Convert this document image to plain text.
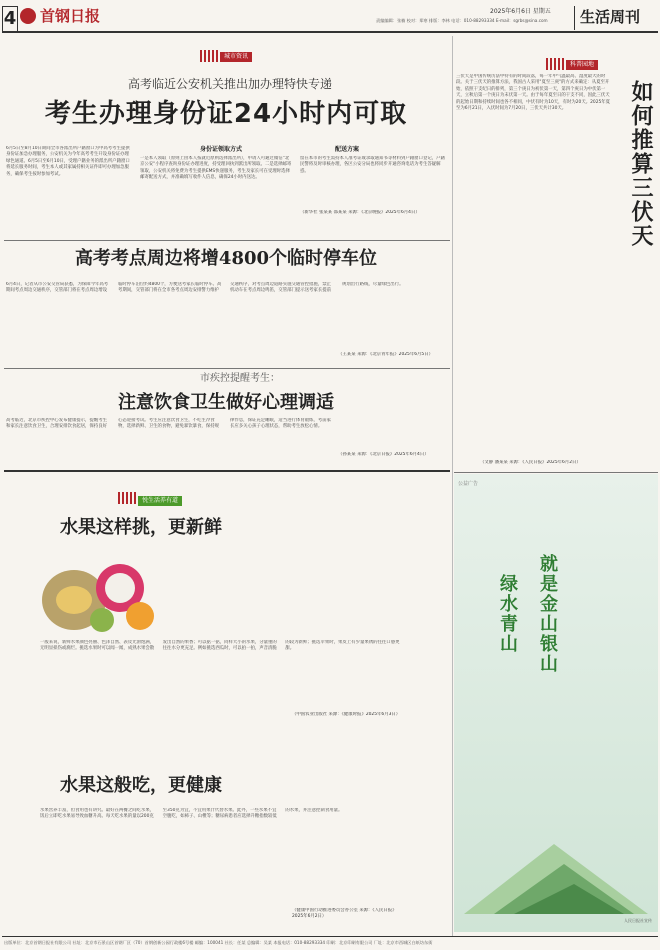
4 首钢日报	2025年6月6日 星期五
责编编辑：张楠 校对：郑寒 排版：李林 电话：010-88293334 E-mail：sgrbs@sina.com	生活周刊
城市资讯
高考临近公安机关推出加办理特快专递
考生办理身份证24小时内可取
身份证领取方式	配送方案
6月5日至8月10日期间全市各派出所户籍窗口为中高考考生提供身份证加急办理服务，公安机关为今年高考考生开设身份证办理绿色通道。6月5日至6月10日，受理户籍业务的派出所户籍窗口将延长服务时间，考生本人或其家属持相关证件即可办理加急服务，确保考生按时参加考试。
一是本人领取（原则上由本人按就近原则选择派出所），申请人可通过微信"北京公安"小程序查询身份证办理进度，持受理回执到派出所领取。二是选择邮寄领取，公安机关将免费为考生提供EMS快递服务，考生及家长可在受理时选择邮寄配送方式，并准确填写收件人信息，确保24小时内送达。
留在本市的考生需持本人准考证或录取通知书等材料到户籍窗口登记，户籍民警将及时审核办理，各区公安分局也将同步开通咨询电话为考生答疑解惑。
（新华社 张某某 邵某某 来源：《北京晚报》2025年6月4日）
高考考点周边将增4800个临时停车位
6月4日，记者从市公安交管局获悉，为保障今年高考期间考点周边交通秩序，交管部门将在考点周边增设临时停车泊位约4800个，方便送考家长临时停车。高考期间，交管部门将在全市各考点周边安排警力维护交通秩序，对考点周边道路实施交通管控措施，禁止机动车在考点周边鸣笛，交管部门提示送考家长提前规划出行路线，尽量绿色出行。
（王某某 来源：《北京青年报》2025年6月5日）
市疾控提醒考生：
注意饮食卫生做好心理调适
高考临近，北京市疾控中心发布健康提示，提醒考生和家长注意饮食卫生，合理安排饮食起居，保持良好心态迎接考试。考生应注意饮食卫生，不吃生冷食物，选择新鲜、卫生的食物，避免暴饮暴食，保持规律作息，保证充足睡眠，适当进行体育锻炼，考前家长应多关心孩子心理状态，帮助考生放松心情。
（孙某某 来源：《北京日报》2025年6月4日）
科普园地
三伏天是中国传统历法中特有的时间段落，每一年中气温最高、湿度最大的时段。关于三伏天的推算方法，我国古人采用"夏至三庚"的方式来确定：从夏至开始，依照干支纪日的排列，第三个庚日为初伏第一天，第四个庚日为中伏第一天，立秋后第一个庚日为末伏第一天。由于每年夏至日的干支不同，因此三伏天的起始日期和持续时间也各不相同，中伏有时为10天，有时为20天。2025年夏至为6月21日，入伏时间为7月20日，三伏天共计30天。	如何推算三伏天
（文静 潘某某 来源：《人民日报》2025年6月2日）
悦生活养有道
水果这样挑，更新鲜
一般来说，新鲜水果颜色亮丽、色泽自然、表皮光滑饱满，无明显损伤或腐烂。挑选水果时可以闻一闻，成熟水果会散发出自然的果香；可以掂一掂，同样大小的水果，分量重的往往水分更充足。例如挑选西瓜时，可以拍一拍，声音清脆的较为新鲜；挑选苹果时，果皮上有少量果锈的往往口感更甜。
（中国农业出版社 来源：《健康时报》2025年6月3日）
水果这般吃，更健康
水果营养丰富，但食用也有讲究。最好在两餐之间吃水果，饭后立即吃水果易导致血糖升高。每天吃水果的量以200克至350克为宜，不宜用果汁代替水果。此外，一些水果不宜空腹吃，如柿子、山楂等；糖尿病患者应选择升糖指数较低的水果，并注意控制食用量。
（健康中国行动推进委员会办公室 来源：《人民日报》2025年6月2日）
公益广告
就是金山银山
绿水青山
人民日报社宣传
出版单位：北京首钢日报社有限公司 社址：北京市石景山区首钢厂区（70）首钢创新公园行政楼6号楼 邮编：100041 社长：任某 总编辑：吴某 本报电话：010-88293334 印刷：北京印刷有限公司 厂址：北京市西城区白纸坊东街
